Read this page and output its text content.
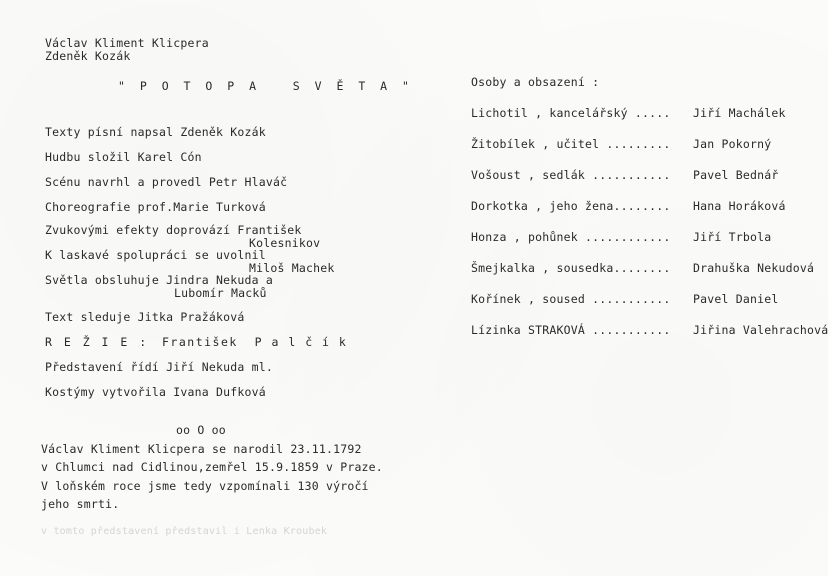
Václav Kliment Klicpera
Zdeněk Kozák
" P O T O P A   S V Ě T A "
Texty písní napsal Zdeněk Kozák
Hudbu složil Karel Cón
Scénu navrhl a provedl Petr Hlaváč
Choreografie prof.Marie Turková
Zvukovými efekty doprovází František
Kolesnikov
K laskavé spolupráci se uvolnil
Miloš Machek
Světla obsluhuje Jindra Nekuda a
Lubomír Macků
Text sleduje Jitka Pražáková
R E Ž I E : František  P a l č í k
Představení řídí Jiří Nekuda ml.
Kostýmy vytvořila Ivana Dufková
oo O oo
Václav Kliment Klicpera se narodil 23.11.1792
v Chlumci nad Cidlinou,zemřel 15.9.1859 v Praze.
V loňském roce jsme tedy vzpomínali 130 výročí
jeho smrti.
v tomto představení představil i Lenka Kroubek
Osoby a obsazení :
Lichotil , kancelářský ..... Jiří Machálek
Žitobílek , učitel ......... Jan Pokorný
Vošoust , sedlák ........... Pavel Bednář
Dorkotka , jeho žena........ Hana Horáková
Honza , pohůnek ............ Jiří Trbola
Šmejkalka , sousedka........ Drahuška Nekudová
Kořínek , soused ........... Pavel Daniel
Lízinka STRAKOVÁ ........... Jiřina Valehrachová
